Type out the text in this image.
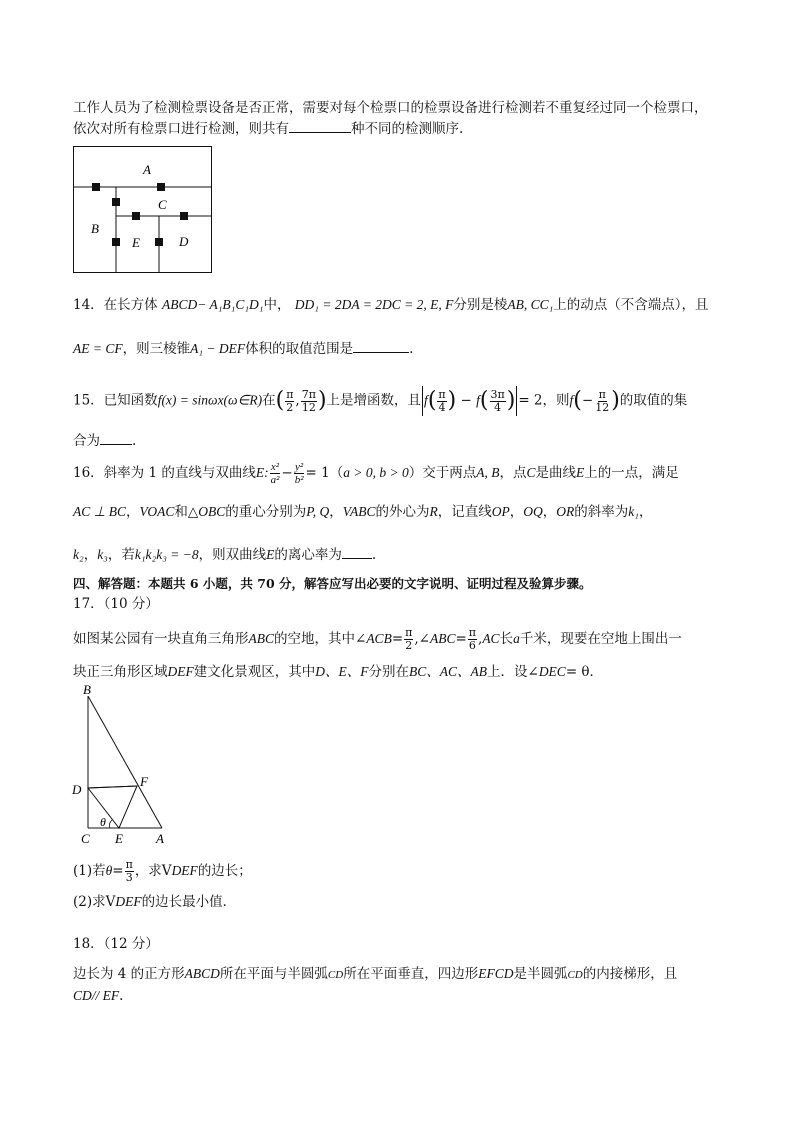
工作人员为了检测检票设备是否正常，需要对每个检票口的检票设备进行检测若不重复经过同一个检票口，
依次对所有检票口进行检测，则共有	种不同的检测顺序.
A
B
C
D
E
14．在长方体 ABCD− A₁B₁C₁D₁中， DD₁ = 2DA = 2DC = 2, E, F分别是棱AB, CC₁上的动点（不含端点），且
AE = CF，则三棱锥A₁ − DEF体积的取值范围是	.
15．已知函数f(x) = sinωx(ω∈R)在( $\frac{\pi}{2}$ , $\frac{7\pi}{12}$ )上是增函数，且 $f( \frac{\pi}{4}$ ) − $f( \frac{3\pi}{4}$ ) = 2，则$f(- \frac{\pi}{12}$ )的取值的集
合为 .
16．斜率为 1 的直线与双曲线E: $\frac{\text{x²}}{\text{a²}} - \frac{\text{y²}}{\text{b²}} = 1(a > 0$, b > 0）交于两点A, B，点C是曲线E上的一点，满足
AC ⊥ BC，VOAC和△OBC的重心分别为P, Q，VABC的外心为R，记直线OP，OQ，OR的斜率为k₁，
k₂，k₃，若k₁k₂k₃ = −8，则双曲线E的离心率为 .
四、解答题：本题共 6 小题，共 70 分，解答应写出必要的文字说明、证明过程及验算步骤。
17．（10 分）
如图某公园有一块直角三角形ABC的空地，其中∠ACB= $\frac{\pi}{2}$ ,∠ABC= $\frac{\pi}{6} ,AC$长a千米，现要在空地上围出一
块正三角形区域DEF建文化景观区，其中D、E、F分别在BC、AC、AB上．设∠DEC= θ．
B
D
F
θ
C E	A
(1)若$\theta= \frac{\pi}{3}$ ，求VDEF的边长；
(2)求VDEF的边长最小值．
18．（12 分）
边长为 4 的正方形ABCD所在平面与半圆弧CD所在平面垂直，四边形EFCD是半圆弧CD的内接梯形，且
CD// EF.
